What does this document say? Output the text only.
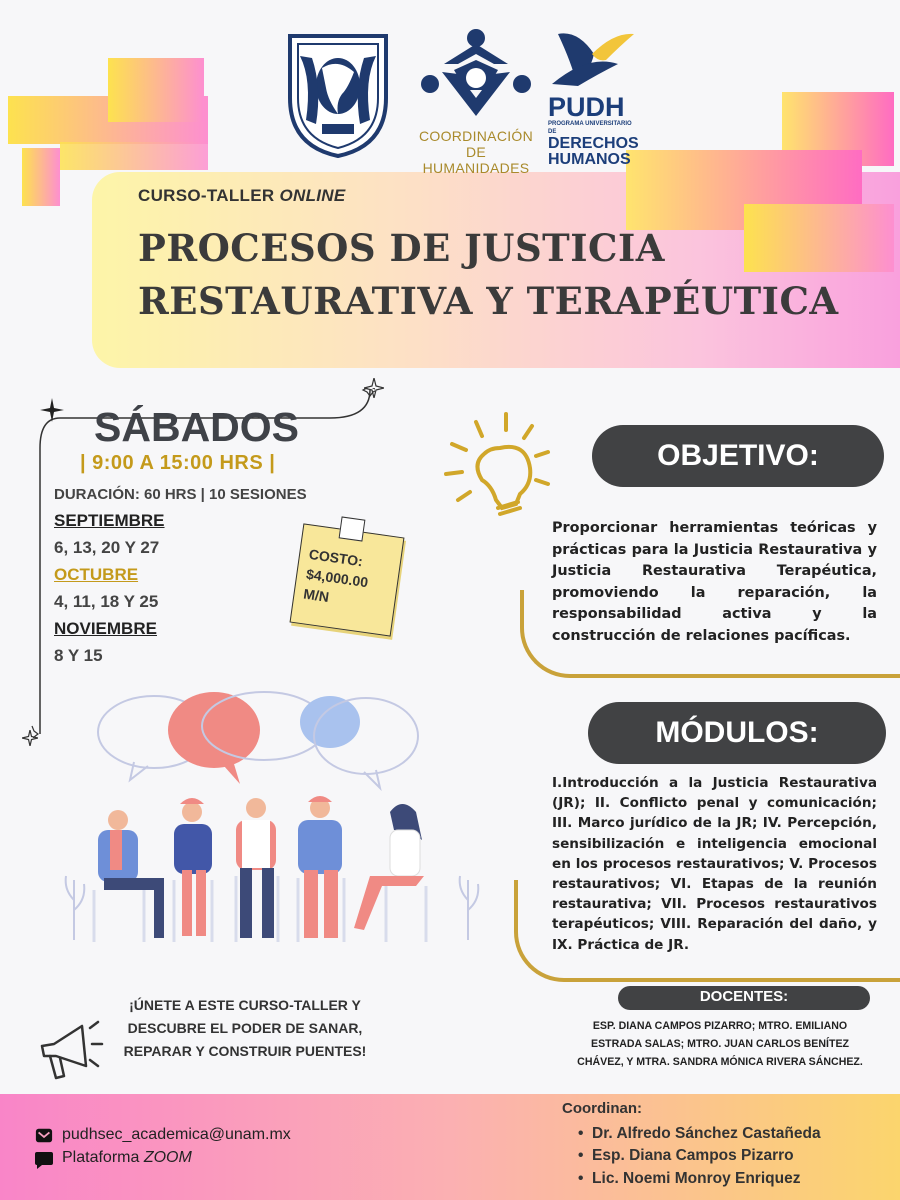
CURSO-TALLER ONLINE
PROCESOS DE JUSTICIA
RESTAURATIVA Y TERAPÉUTICA
COORDINACIÓN
DE HUMANIDADES
PUDH
PROGRAMA UNIVERSITARIO DE
DERECHOS
HUMANOS
SÁBADOS
| 9:00 A 15:00 HRS |
DURACIÓN: 60 HRS | 10 SESIONES
SEPTIEMBRE
6, 13, 20 Y 27
OCTUBRE
4, 11, 18 Y 25
NOVIEMBRE
8 Y 15
COSTO:
$4,000.00
M/N
OBJETIVO:
Proporcionar herramientas teóricas y prácticas para la Justicia Restaurativa y Justicia Restaurativa Terapéutica, promoviendo la reparación, la responsabilidad activa y la construcción de relaciones pacíficas.
MÓDULOS:
I.Introducción a la Justicia Restaurativa (JR); II. Conflicto penal y comunicación; III. Marco jurídico de la JR; IV. Percepción, sensibilización e inteligencia emocional en los procesos restaurativos; V. Procesos restaurativos; VI. Etapas de la reunión restaurativa; VII. Procesos restaurativos terapéuticos; VIII. Reparación del daño, y IX. Práctica de JR.
¡ÚNETE A ESTE CURSO-TALLER Y
DESCUBRE EL PODER DE SANAR,
REPARAR Y CONSTRUIR PUENTES!
DOCENTES:
ESP. DIANA CAMPOS PIZARRO; MTRO. EMILIANO ESTRADA SALAS; MTRO. JUAN CARLOS BENÍTEZ CHÁVEZ, Y MTRA. SANDRA MÓNICA RIVERA SÁNCHEZ.
pudhsec_academica@unam.mx
Plataforma ZOOM
Coordinan:
•  Dr. Alfredo Sánchez Castañeda
•  Esp. Diana Campos Pizarro
•  Lic. Noemi Monroy Enriquez
